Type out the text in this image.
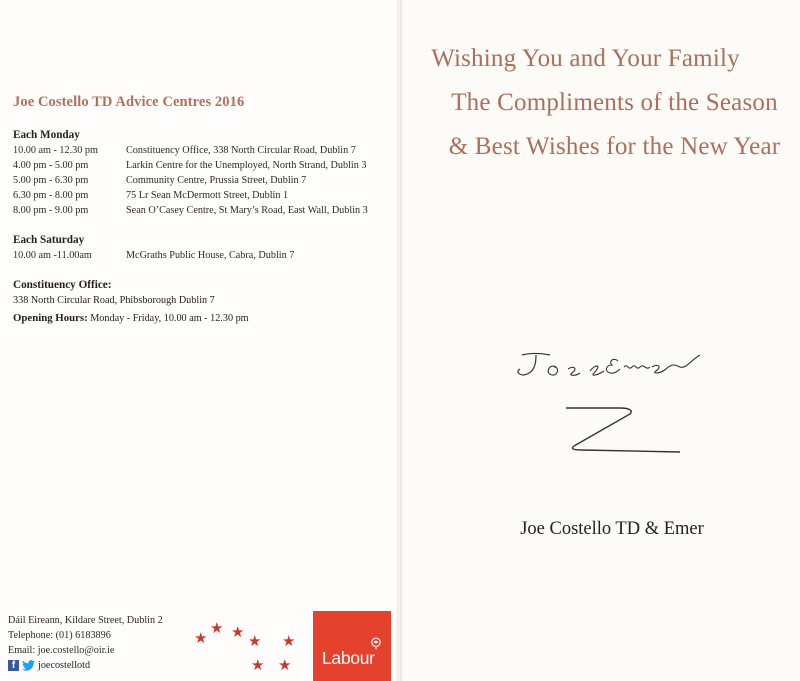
Joe Costello TD Advice Centres 2016
Each Monday
10.00 am - 12.30 pm	Constituency Office, 338 North Circular Road, Dublin 7
4.00 pm - 5.00 pm	Larkin Centre for the Unemployed, North Strand, Dublin 3
5.00 pm - 6.30 pm	Community Centre, Prussia Street, Dublin 7
6.30 pm - 8.00 pm	75 Lr Sean McDermott Street, Dublin 1
8.00 pm - 9.00 pm	Sean O’Casey Centre, St Mary’s Road, East Wall, Dublin 3
Each Saturday
10.00 am -11.00am	McGraths Public House, Cabra, Dublin 7
Constituency Office:
338 North Circular Road, Phibsborough Dublin 7
Opening Hours: Monday - Friday, 10.00 am - 12.30 pm
Dáil Eireann, Kildare Street, Dublin 2
Telephone: (01) 6183896
Email: joe.costello@oir.ie
f	joecostellotd
★
★ ★
★ ★
★ ★ Labour
Wishing You and Your Family
The Compliments of the Season
& Best Wishes for the New Year
Joe Costello TD & Emer
